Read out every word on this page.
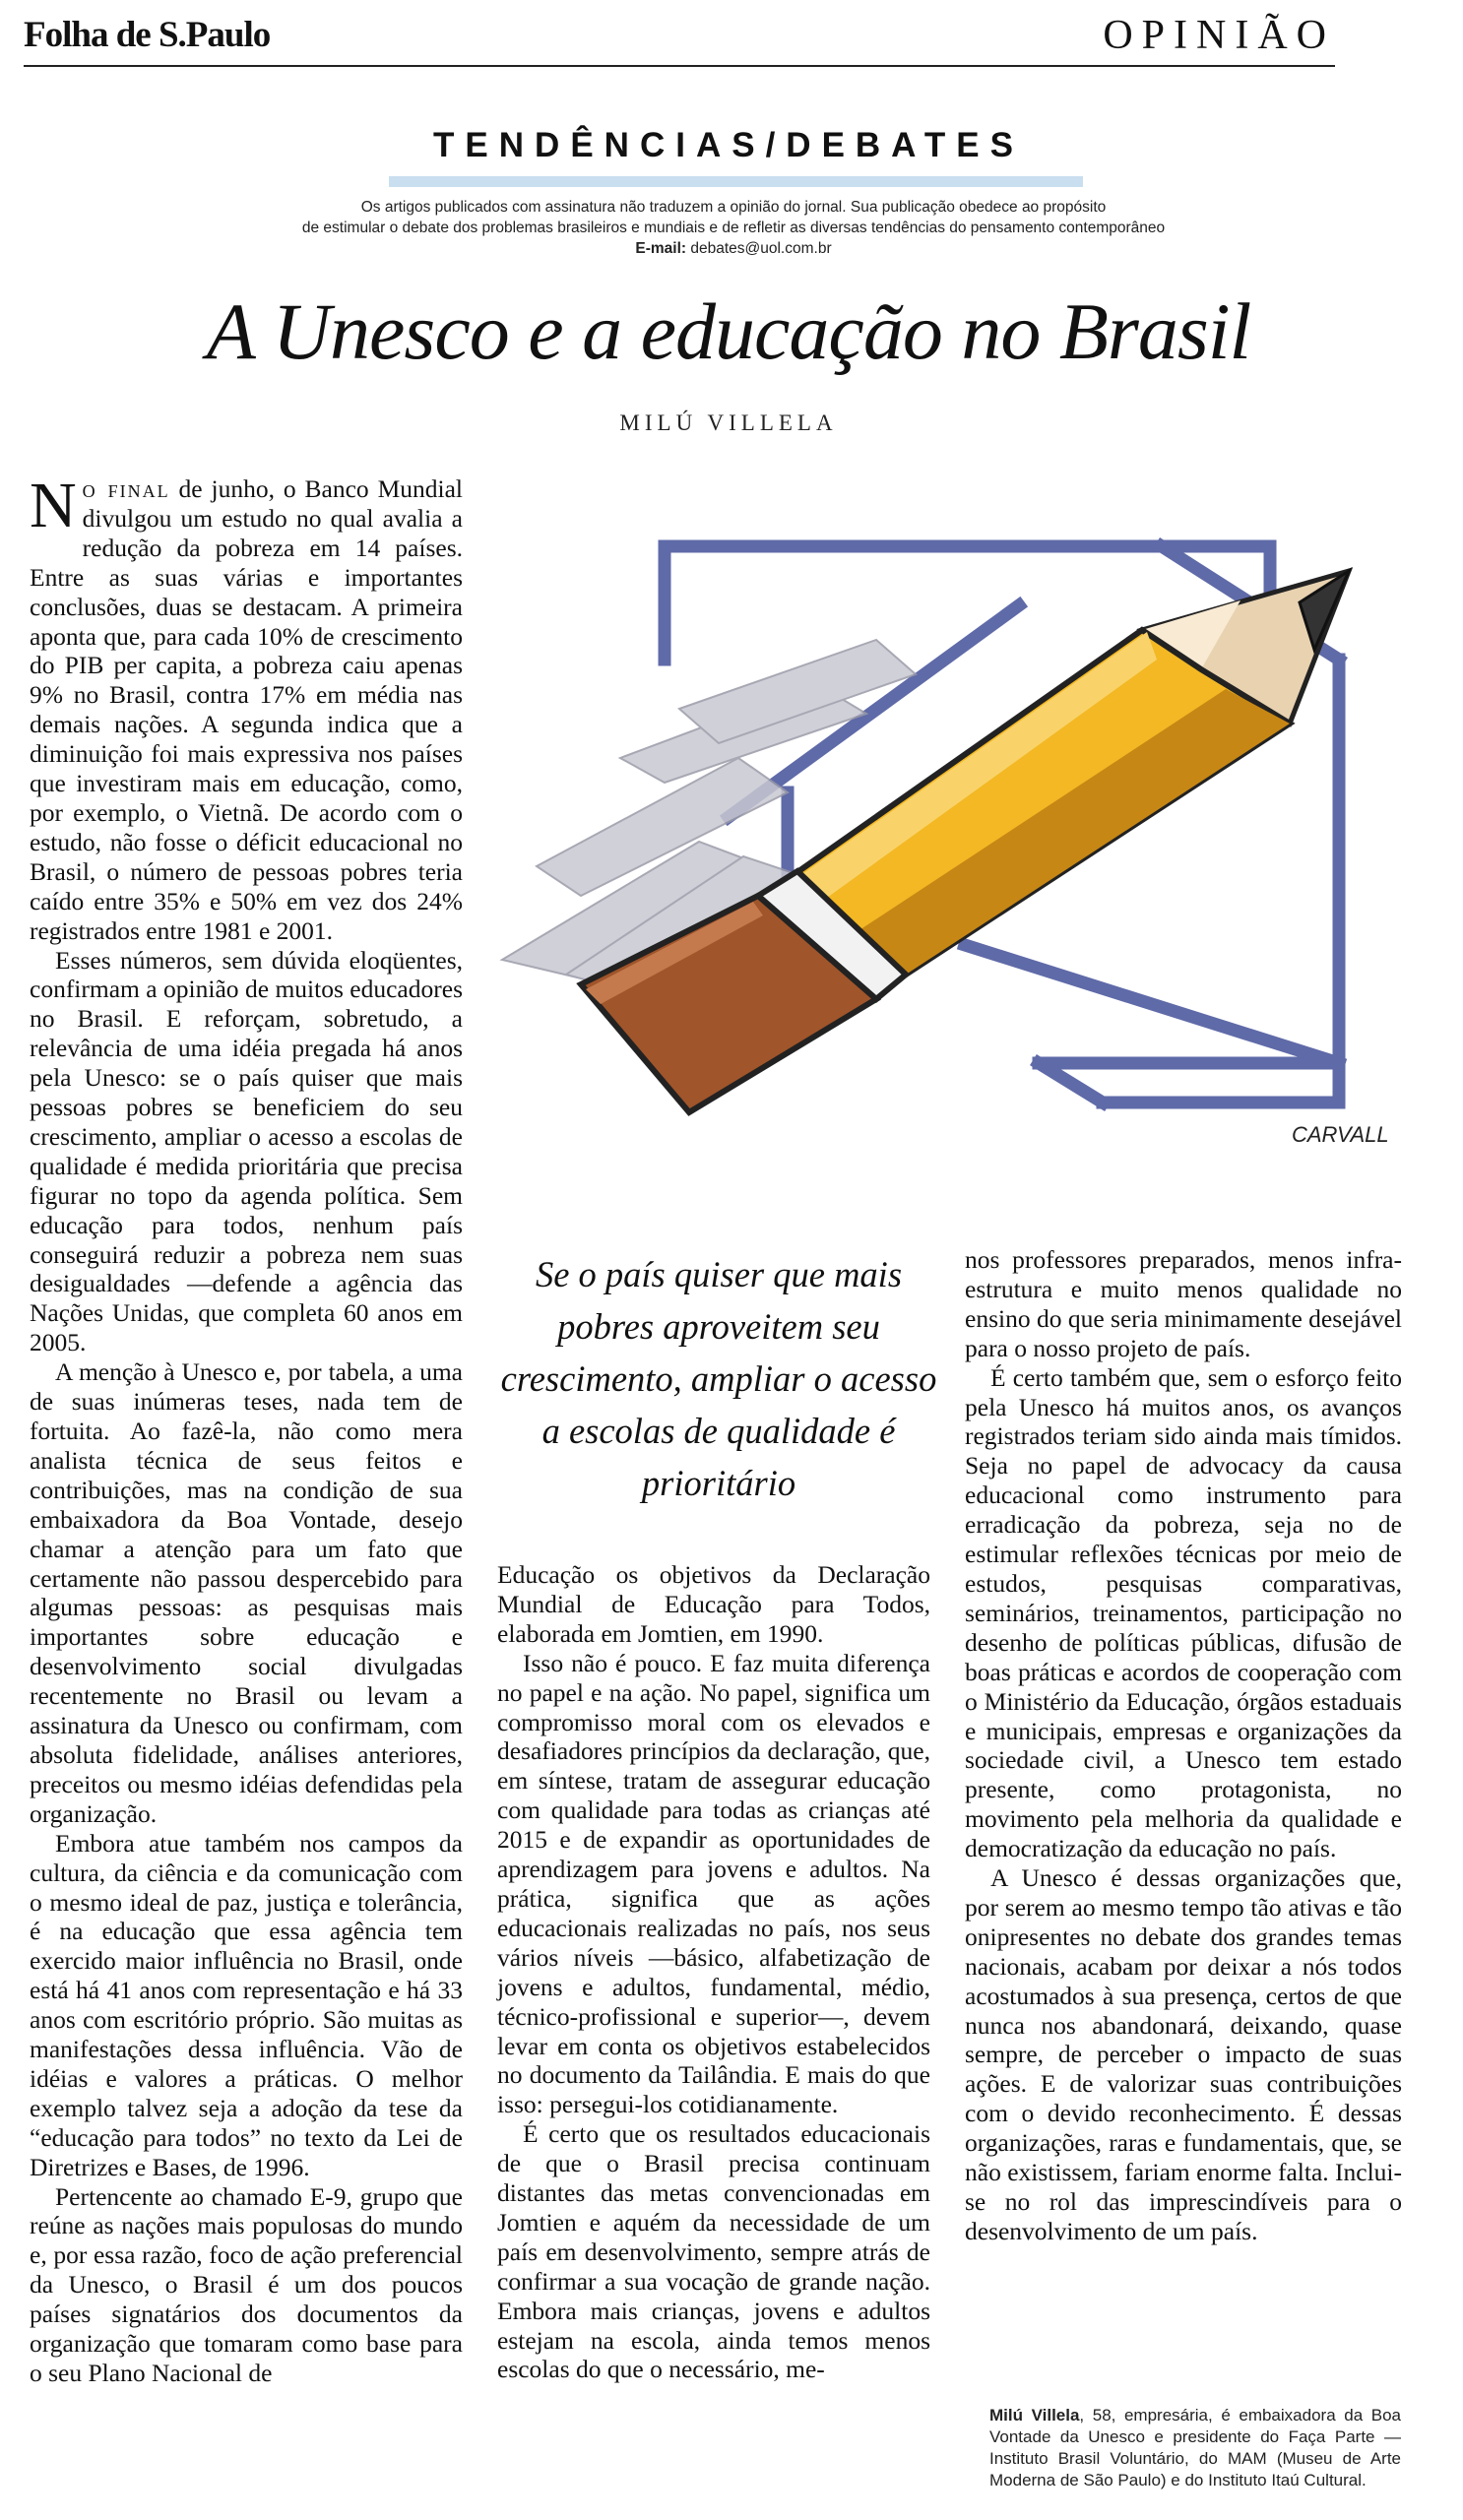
Folha de S.Paulo	OPINIÃO
TENDÊNCIAS/DEBATES
Os artigos publicados com assinatura não traduzem a opinião do jornal. Sua publicação obedece ao propósito
de estimular o debate dos problemas brasileiros e mundiais e de refletir as diversas tendências do pensamento contemporâneo
E-mail: debates@uol.com.br
A Unesco e a educação no Brasil
MILÚ VILLELA

No final de junho, o Banco Mundial divulgou um estudo no qual avalia a redução da pobreza em 14 países. Entre as suas várias e importantes conclusões, duas se destacam. A primeira aponta que, para cada 10% de crescimento do PIB per capita, a pobreza caiu apenas 9% no Brasil, contra 17% em média nas demais nações. A segunda indica que a diminuição foi mais expressiva nos países que investiram mais em educação, como, por exemplo, o Vietnã. De acordo com o estudo, não fosse o déficit educacional no Brasil, o número de pessoas pobres teria caído entre 35% e 50% em vez dos 24% registrados entre 1981 e 2001.

Esses números, sem dúvida eloqüentes, confirmam a opinião de muitos educadores no Brasil. E reforçam, sobretudo, a relevância de uma idéia pregada há anos pela Unesco: se o país quiser que mais pessoas pobres se beneficiem do seu crescimento, ampliar o acesso a escolas de qualidade é medida prioritária que precisa figurar no topo da agenda política. Sem educação para todos, nenhum país conseguirá reduzir a pobreza nem suas desigualdades —defende a agência das Nações Unidas, que completa 60 anos em 2005.

A menção à Unesco e, por tabela, a uma de suas inúmeras teses, nada tem de fortuita. Ao fazê-la, não como mera analista técnica de seus feitos e contribuições, mas na condição de sua embaixadora da Boa Vontade, desejo chamar a atenção para um fato que certamente não passou despercebido para algumas pessoas: as pesquisas mais importantes sobre educação e desenvolvimento social divulgadas recentemente no Brasil ou levam a assinatura da Unesco ou confirmam, com absoluta fidelidade, análises anteriores, preceitos ou mesmo idéias defendidas pela organização.

Embora atue também nos campos da cultura, da ciência e da comunicação com o mesmo ideal de paz, justiça e tolerância, é na educação que essa agência tem exercido maior influência no Brasil, onde está há 41 anos com representação e há 33 anos com escritório próprio. São muitas as manifestações dessa influência. Vão de idéias e valores a práticas. O melhor exemplo talvez seja a adoção da tese da “educação para todos” no texto da Lei de Diretrizes e Bases, de 1996.

Pertencente ao chamado E-9, grupo que reúne as nações mais populosas do mundo e, por essa razão, foco de ação preferencial da Unesco, o Brasil é um dos poucos países signatários dos documentos da organização que tomaram como base para o seu Plano Nacional de

CARVALL
Se o país quiser que mais pobres aproveitem seu crescimento, ampliar o acesso a escolas de qualidade é prioritário

Educação os objetivos da Declaração Mundial de Educação para Todos, elaborada em Jomtien, em 1990.

Isso não é pouco. E faz muita diferença no papel e na ação. No papel, significa um compromisso moral com os elevados e desafiadores princípios da declaração, que, em síntese, tratam de assegurar educação com qualidade para todas as crianças até 2015 e de expandir as oportunidades de aprendizagem para jovens e adultos. Na prática, significa que as ações educacionais realizadas no país, nos seus vários níveis —básico, alfabetização de jovens e adultos, fundamental, médio, técnico-profissional e superior—, devem levar em conta os objetivos estabelecidos no documento da Tailândia. E mais do que isso: persegui-los cotidianamente.

É certo que os resultados educacionais de que o Brasil precisa continuam distantes das metas convencionadas em Jomtien e aquém da necessidade de um país em desenvolvimento, sempre atrás de confirmar a sua vocação de grande nação. Embora mais crianças, jovens e adultos estejam na escola, ainda temos menos escolas do que o necessário, me-

nos professores preparados, menos infra-estrutura e muito menos qualidade no ensino do que seria minimamente desejável para o nosso projeto de país.

É certo também que, sem o esforço feito pela Unesco há muitos anos, os avanços registrados teriam sido ainda mais tímidos. Seja no papel de advocacy da causa educacional como instrumento para erradicação da pobreza, seja no de estimular reflexões técnicas por meio de estudos, pesquisas comparativas, seminários, treinamentos, participação no desenho de políticas públicas, difusão de boas práticas e acordos de cooperação com o Ministério da Educação, órgãos estaduais e municipais, empresas e organizações da sociedade civil, a Unesco tem estado presente, como protagonista, no movimento pela melhoria da qualidade e democratização da educação no país.

A Unesco é dessas organizações que, por serem ao mesmo tempo tão ativas e tão onipresentes no debate dos grandes temas nacionais, acabam por deixar a nós todos acostumados à sua presença, certos de que nunca nos abandonará, deixando, quase sempre, de perceber o impacto de suas ações. E de valorizar suas contribuições com o devido reconhecimento. É dessas organizações, raras e fundamentais, que, se não existissem, fariam enorme falta. Inclui-se no rol das imprescindíveis para o desenvolvimento de um país.

Milú Villela, 58, empresária, é embaixadora da Boa Vontade da Unesco e presidente do Faça Parte —Instituto Brasil Voluntário, do MAM (Museu de Arte Moderna de São Paulo) e do Instituto Itaú Cultural.
